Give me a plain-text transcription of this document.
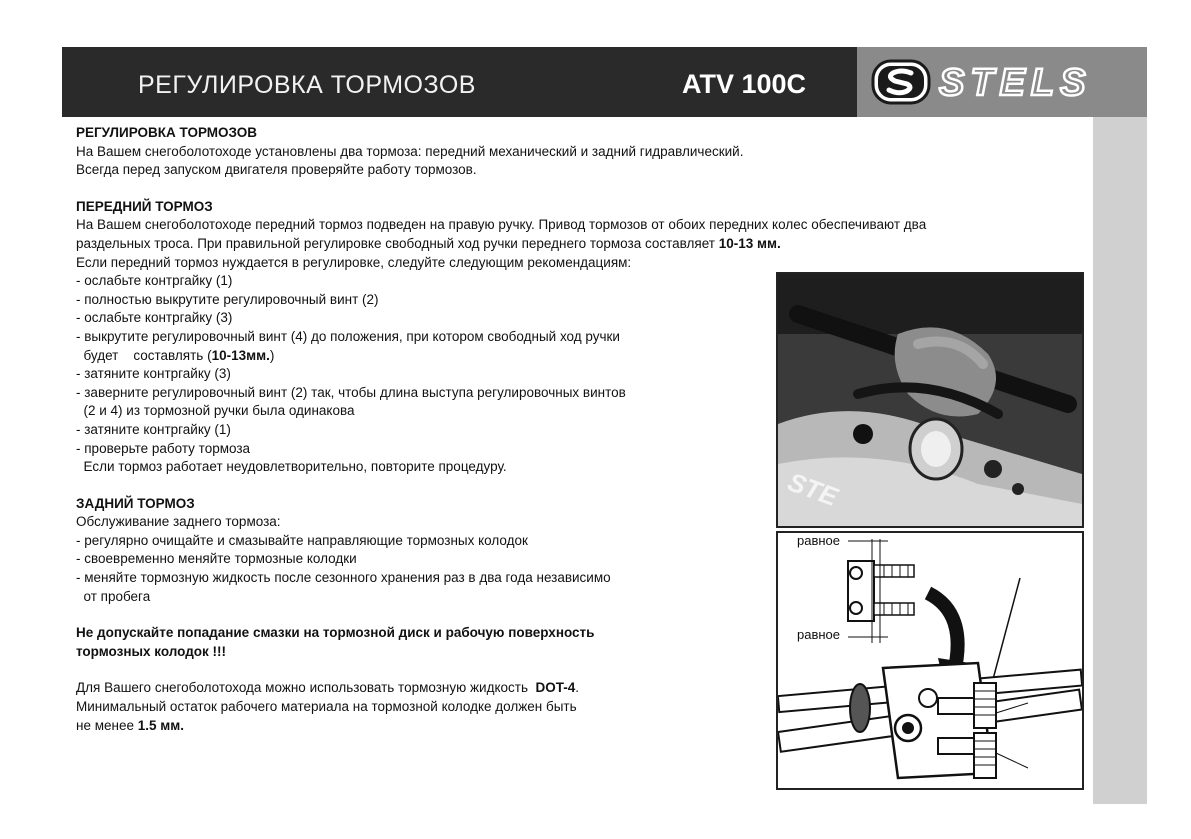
РЕГУЛИРОВКА ТОРМОЗОВ	ATV 100C	STELS

РЕГУЛИРОВКА ТОРМОЗОВ

На Вашем снегоболотоходе установлены два тормоза: передний механический и задний гидравлический.

Всегда перед запуском двигателя проверяйте работу тормозов.

ПЕРЕДНИЙ ТОРМОЗ

На Вашем снегоболотоходе передний тормоз подведен на правую ручку. Привод тормозов от обоих передних колес обеспечивают два

раздельных троса. При правильной регулировке свободный ход ручки переднего тормоза составляет 10-13 мм.

Если передний тормоз нуждается в регулировке, следуйте следующим рекомендациям:

- ослабьте контргайку (1)

- полностью выкрутите регулировочный винт (2)

- ослабьте контргайку (3)

- выкрутите регулировочный винт (4) до положения, при котором свободный ход ручки

будет    составлять (10-13мм.)

- затяните контргайку (3)

- заверните регулировочный винт (2) так, чтобы длина выступа регулировочных винтов

(2 и 4) из тормозной ручки была одинакова

- затяните контргайку (1)

- проверьте работу тормоза

Если тормоз работает неудовлетворительно, повторите процедуру.

ЗАДНИЙ ТОРМОЗ

Обслуживание заднего тормоза:

- регулярно очищайте и смазывайте направляющие тормозных колодок

- своевременно меняйте тормозные колодки

- меняйте тормозную жидкость после сезонного хранения раз в два года независимо

от пробега

Не допускайте попадание смазки на тормозной диск и рабочую поверхность

тормозных колодок !!!

Для Вашего снегоболотохода можно использовать тормозную жидкость  DOT-4.

Минимальный остаток рабочего материала на тормозной колодке должен быть

не менее 1.5 мм.

STE
равное
равное
